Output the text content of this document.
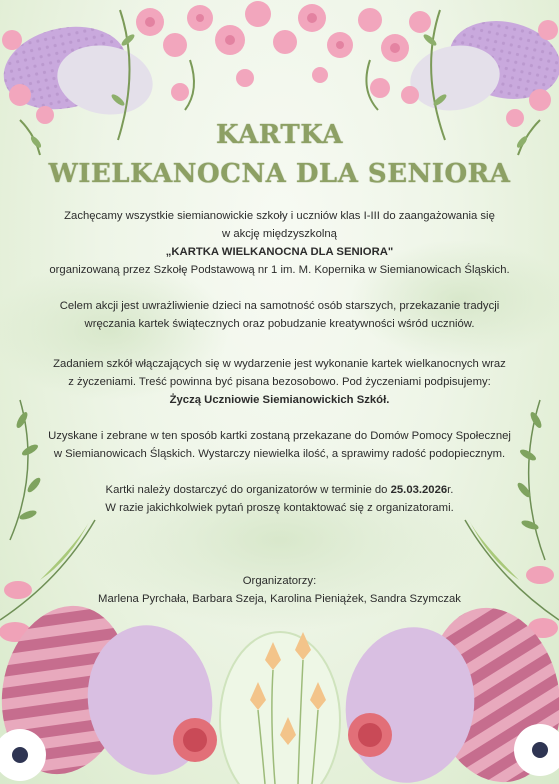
KARTKA
WIELKANOCNA DLA SENIORA
Zachęcamy wszystkie siemianowickie szkoły i uczniów klas I-III do zaangażowania się
w akcję międzyszkolną
„KARTKA WIELKANOCNA DLA SENIORA"
organizowaną przez Szkołę Podstawową nr 1 im. M. Kopernika w Siemianowicach Śląskich.
Celem akcji jest uwrażliwienie dzieci na samotność osób starszych, przekazanie tradycji
wręczania kartek świątecznych oraz pobudzanie kreatywności wśród uczniów.
Zadaniem szkół włączających się w wydarzenie jest wykonanie kartek wielkanocnych wraz
z życzeniami. Treść powinna być pisana bezosobowo. Pod życzeniami podpisujemy:
Życzą Uczniowie Siemianowickich Szkół.
Uzyskane i zebrane w ten sposób kartki zostaną przekazane do Domów Pomocy Społecznej
w Siemianowicach Śląskich. Wystarczy niewielka ilość, a sprawimy radość podopiecznym.
Kartki należy dostarczyć do organizatorów w terminie do 25.03.2026r.
W razie jakichkolwiek pytań proszę kontaktować się z organizatorami.
Organizatorzy:
Marlena Pyrchała, Barbara Szeja, Karolina Pieniążek, Sandra Szymczak
